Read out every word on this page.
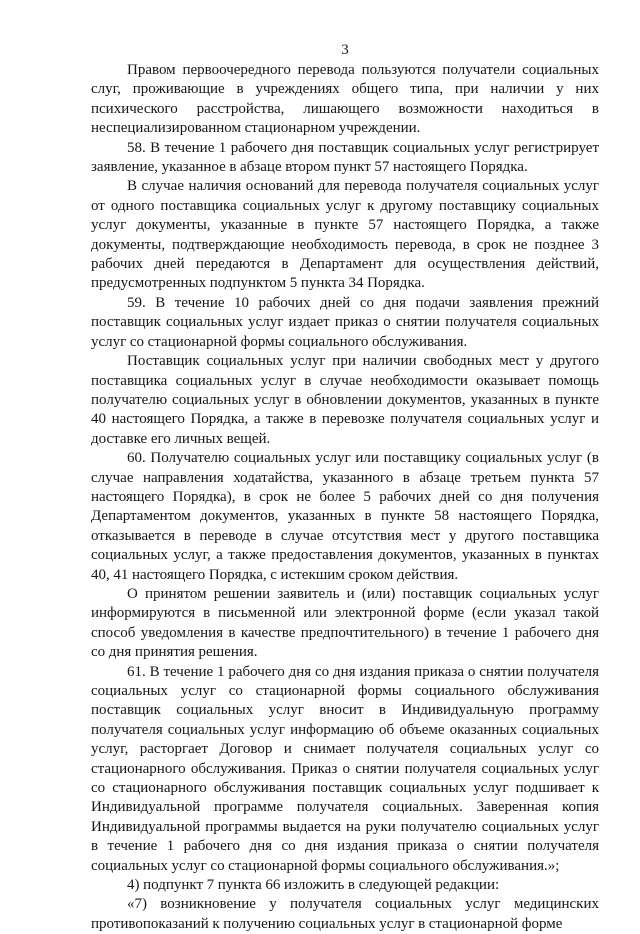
3

Правом первоочередного перевода пользуются получатели социальных слуг, проживающие в учреждениях общего типа, при наличии у них психического расстройства, лишающего возможности находиться в неспециализированном стационарном учреждении.

58. В течение 1 рабочего дня поставщик социальных услуг регистрирует заявление, указанное в абзаце втором пункт 57 настоящего Порядка.

В случае наличия оснований для перевода получателя социальных услуг от одного поставщика социальных услуг к другому поставщику социальных услуг документы, указанные в пункте 57 настоящего Порядка, а также документы, подтверждающие необходимость перевода, в срок не позднее 3 рабочих дней передаются в Департамент для осуществления действий, предусмотренных подпунктом 5 пункта 34 Порядка.

59. В течение 10 рабочих дней со дня подачи заявления прежний поставщик социальных услуг издает приказ о снятии получателя социальных услуг со стационарной формы социального обслуживания.

Поставщик социальных услуг при наличии свободных мест у другого поставщика социальных услуг в случае необходимости оказывает помощь получателю социальных услуг в обновлении документов, указанных в пункте 40 настоящего Порядка, а также в перевозке получателя социальных услуг и доставке его личных вещей.

60. Получателю социальных услуг или поставщику социальных услуг (в случае направления ходатайства, указанного в абзаце третьем пункта 57 настоящего Порядка), в срок не более 5 рабочих дней со дня получения Департаментом документов, указанных в пункте 58 настоящего Порядка, отказывается в переводе в случае отсутствия мест у другого поставщика социальных услуг, а также предоставления документов, указанных в пунктах 40, 41 настоящего Порядка, с истекшим сроком действия.

О принятом решении заявитель и (или) поставщик социальных услуг информируются в письменной или электронной форме (если указал такой способ уведомления в качестве предпочтительного) в течение 1 рабочего дня со дня принятия решения.

61. В течение 1 рабочего дня со дня издания приказа о снятии получателя социальных услуг со стационарной формы социального обслуживания поставщик социальных услуг вносит в Индивидуальную программу получателя социальных услуг информацию об объеме оказанных социальных услуг, расторгает Договор и снимает получателя социальных услуг со стационарного обслуживания. Приказ о снятии получателя социальных услуг со стационарного обслуживания поставщик социальных услуг подшивает к Индивидуальной программе получателя социальных. Заверенная копия Индивидуальной программы выдается на руки получателю социальных услуг в течение 1 рабочего дня со дня издания приказа о снятии получателя социальных услуг со стационарной формы социального обслуживания.»;

4) подпункт 7 пункта 66 изложить в следующей редакции:

«7) возникновение у получателя социальных услуг медицинских противопоказаний к получению социальных услуг в стационарной форме
